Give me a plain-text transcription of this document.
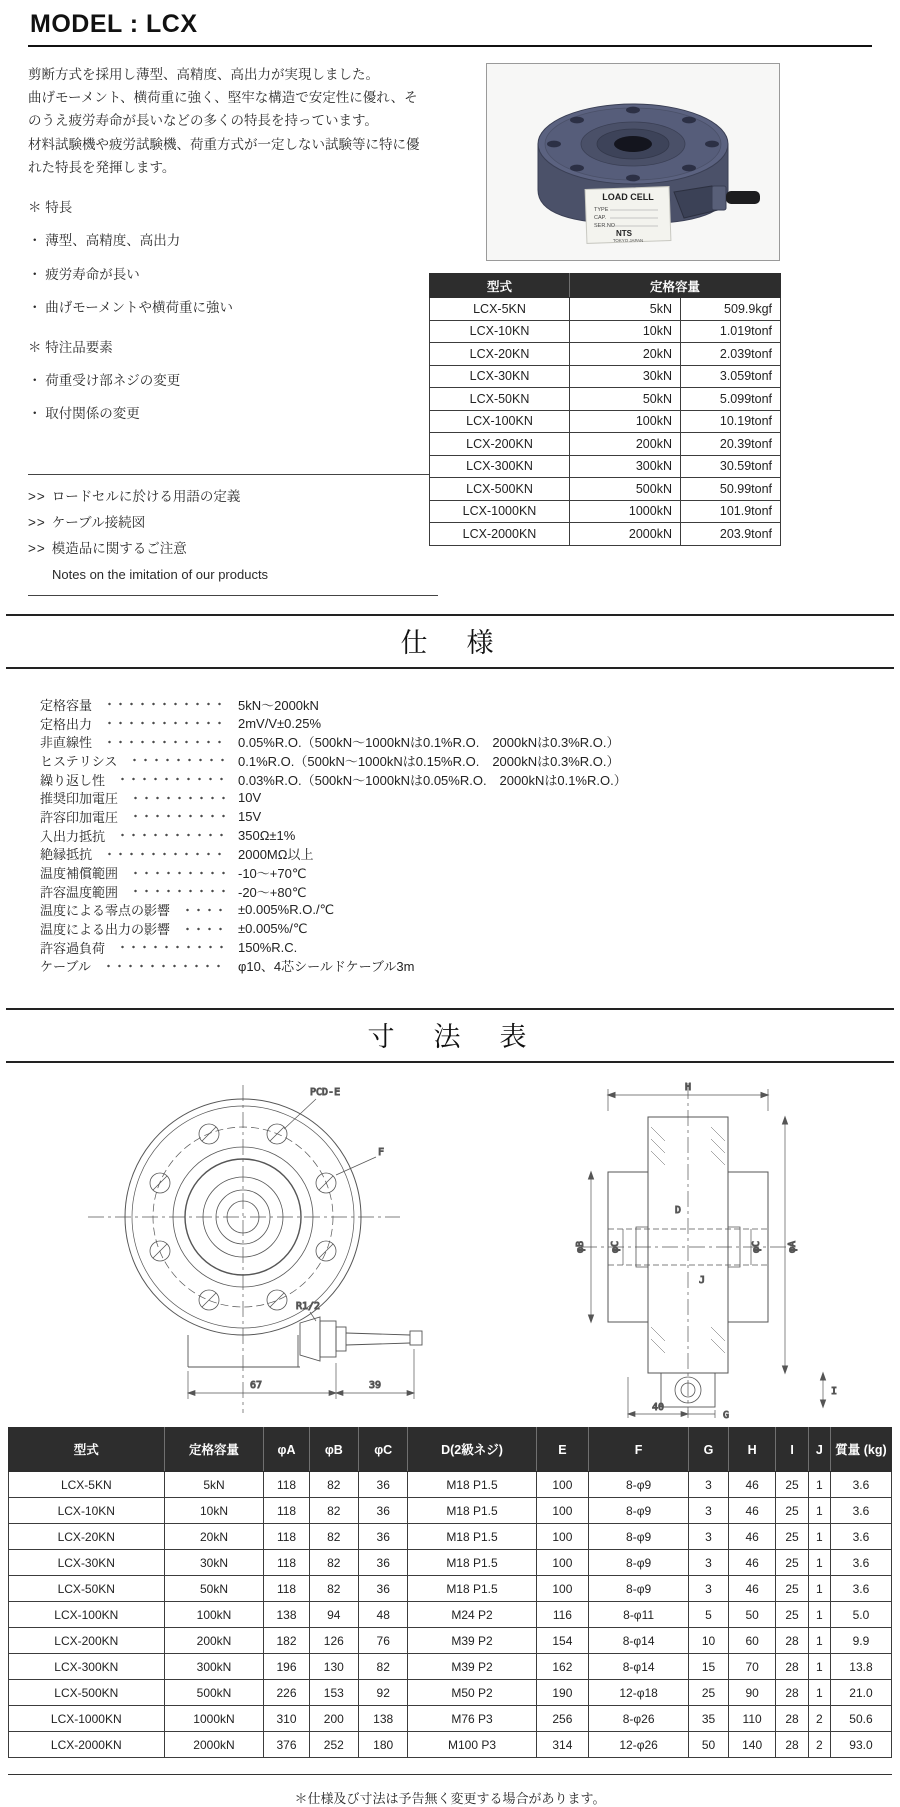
MODEL : LCX

剪断方式を採用し薄型、高精度、高出力が実現しました。

曲げモーメント、横荷重に強く、堅牢な構造で安定性に優れ、そのうえ疲労寿命が長いなどの多くの特長を持っています。

材料試験機や疲労試験機、荷重方式が一定しない試験等に特に優れた特長を発揮します。

＊ 特長
・ 薄型、高精度、高出力
・ 疲労寿命が長い
・ 曲げモーメントや横荷重に強い
＊ 特注品要素
・ 荷重受け部ネジの変更
・ 取付関係の変更
>> ロードセルに於ける用語の定義
>> ケーブル接続図
>> 模造品に関するご注意
Notes on the imitation of our products
LOAD CELL
TYPE
CAP.
SER.NO
NTS
TOKYO JAPAN
型式	定格容量	
LCX-5KN	5kN	509.9kgf
LCX-10KN	10kN	1.019tonf
LCX-20KN	20kN	2.039tonf
LCX-30KN	30kN	3.059tonf
LCX-50KN	50kN	5.099tonf
LCX-100KN	100kN	10.19tonf
LCX-200KN	200kN	20.39tonf
LCX-300KN	300kN	30.59tonf
LCX-500KN	500kN	50.99tonf
LCX-1000KN	1000kN	101.9tonf
LCX-2000KN	2000kN	203.9tonf
仕　様
定格容量	5kN～2000kN
定格出力	2mV/V±0.25%
非直線性	0.05%R.O.（500kN～1000kNは0.1%R.O.　2000kNは0.3%R.O.）
ヒステリシス	0.1%R.O.（500kN～1000kNは0.15%R.O.　2000kNは0.3%R.O.）
繰り返し性	0.03%R.O.（500kN～1000kNは0.05%R.O.　2000kNは0.1%R.O.）
推奨印加電圧	10V
許容印加電圧	15V
入出力抵抗	350Ω±1%
絶縁抵抗	2000MΩ以上
温度補償範囲	-10～+70℃
許容温度範囲	-20～+80℃
温度による零点の影響	±0.005%R.O./℃
温度による出力の影響	±0.005%/℃
許容過負荷	150%R.C.
ケーブル	φ10、4芯シールドケーブル3m
寸　法　表
PCD-E
F
R1/2
67	39
H
φB φC
D
J
φC	φA
40
G
I
型式	定格容量	φA	φB	φC	D(2級ネジ)	E	F	G	H	I	J	質量 (kg)
LCX-5KN	5kN	118	82	36	M18 P1.5	100	8-φ9	3	46	25	1	3.6
LCX-10KN	10kN	118	82	36	M18 P1.5	100	8-φ9	3	46	25	1	3.6
LCX-20KN	20kN	118	82	36	M18 P1.5	100	8-φ9	3	46	25	1	3.6
LCX-30KN	30kN	118	82	36	M18 P1.5	100	8-φ9	3	46	25	1	3.6
LCX-50KN	50kN	118	82	36	M18 P1.5	100	8-φ9	3	46	25	1	3.6
LCX-100KN	100kN	138	94	48	M24 P2	116	8-φ11	5	50	25	1	5.0
LCX-200KN	200kN	182	126	76	M39 P2	154	8-φ14	10	60	28	1	9.9
LCX-300KN	300kN	196	130	82	M39 P2	162	8-φ14	15	70	28	1	13.8
LCX-500KN	500kN	226	153	92	M50 P2	190	12-φ18	25	90	28	1	21.0
LCX-1000KN	1000kN	310	200	138	M76 P3	256	8-φ26	35	110	28	2	50.6
LCX-2000KN	2000kN	376	252	180	M100 P3	314	12-φ26	50	140	28	2	93.0
＊仕様及び寸法は予告無く変更する場合があります。
